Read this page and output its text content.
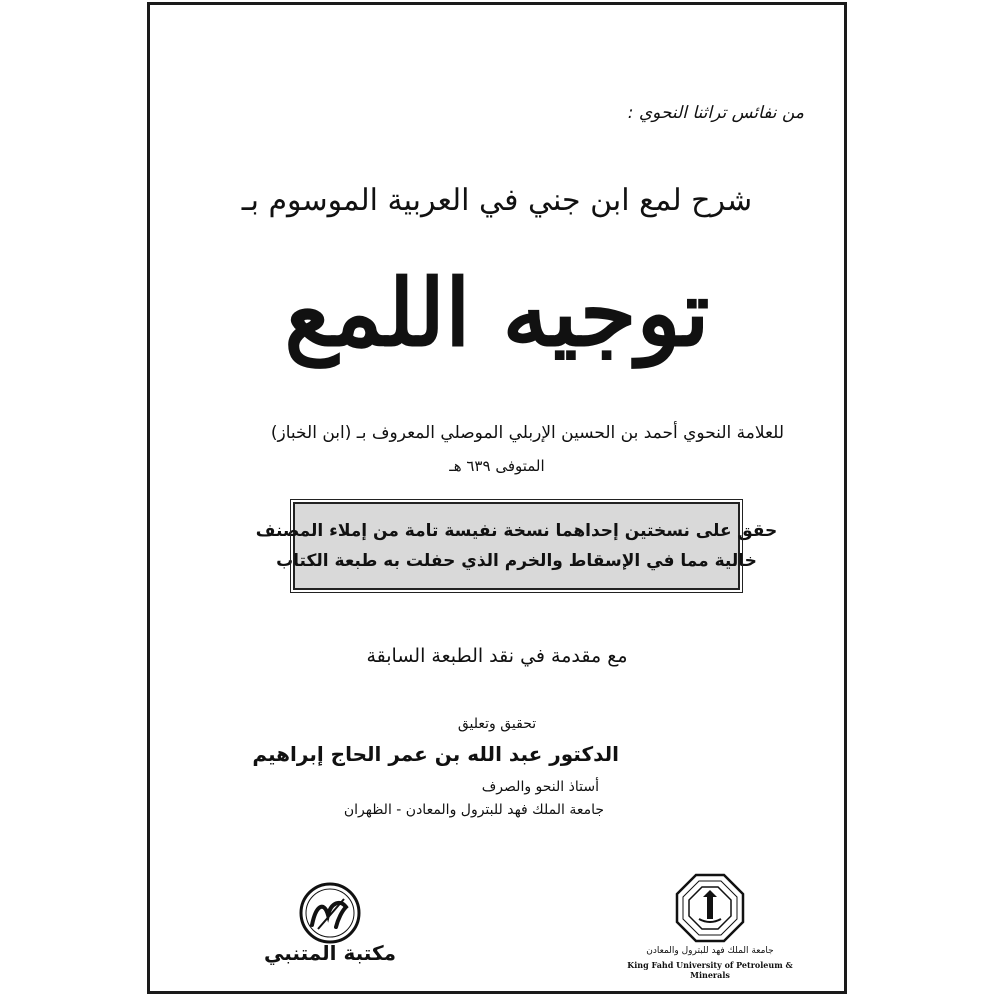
من نفائس تراثنا النحوي :
شرح لمع ابن جني في العربية الموسوم بـ
توجيه اللمع
للعلامة النحوي أحمد بن الحسين الإربلي الموصلي المعروف بـ (ابن الخباز)
المتوفى ٦٣٩ هـ
حقق على نسختين إحداهما نسخة نفيسة تامة من إملاء المصنف
خالية مما في الإسقاط والخرم الذي حفلت به طبعة الكتاب
مع مقدمة في نقد الطبعة السابقة
تحقيق وتعليق
الدكتور عبد الله بن عمر الحاج إبراهيم
أستاذ النحو والصرف
جامعة الملك فهد للبترول والمعادن - الظهران
جامعة الملك فهد للبترول والمعادن
King Fahd University of Petroleum & Minerals
مكتبة المتنبي
